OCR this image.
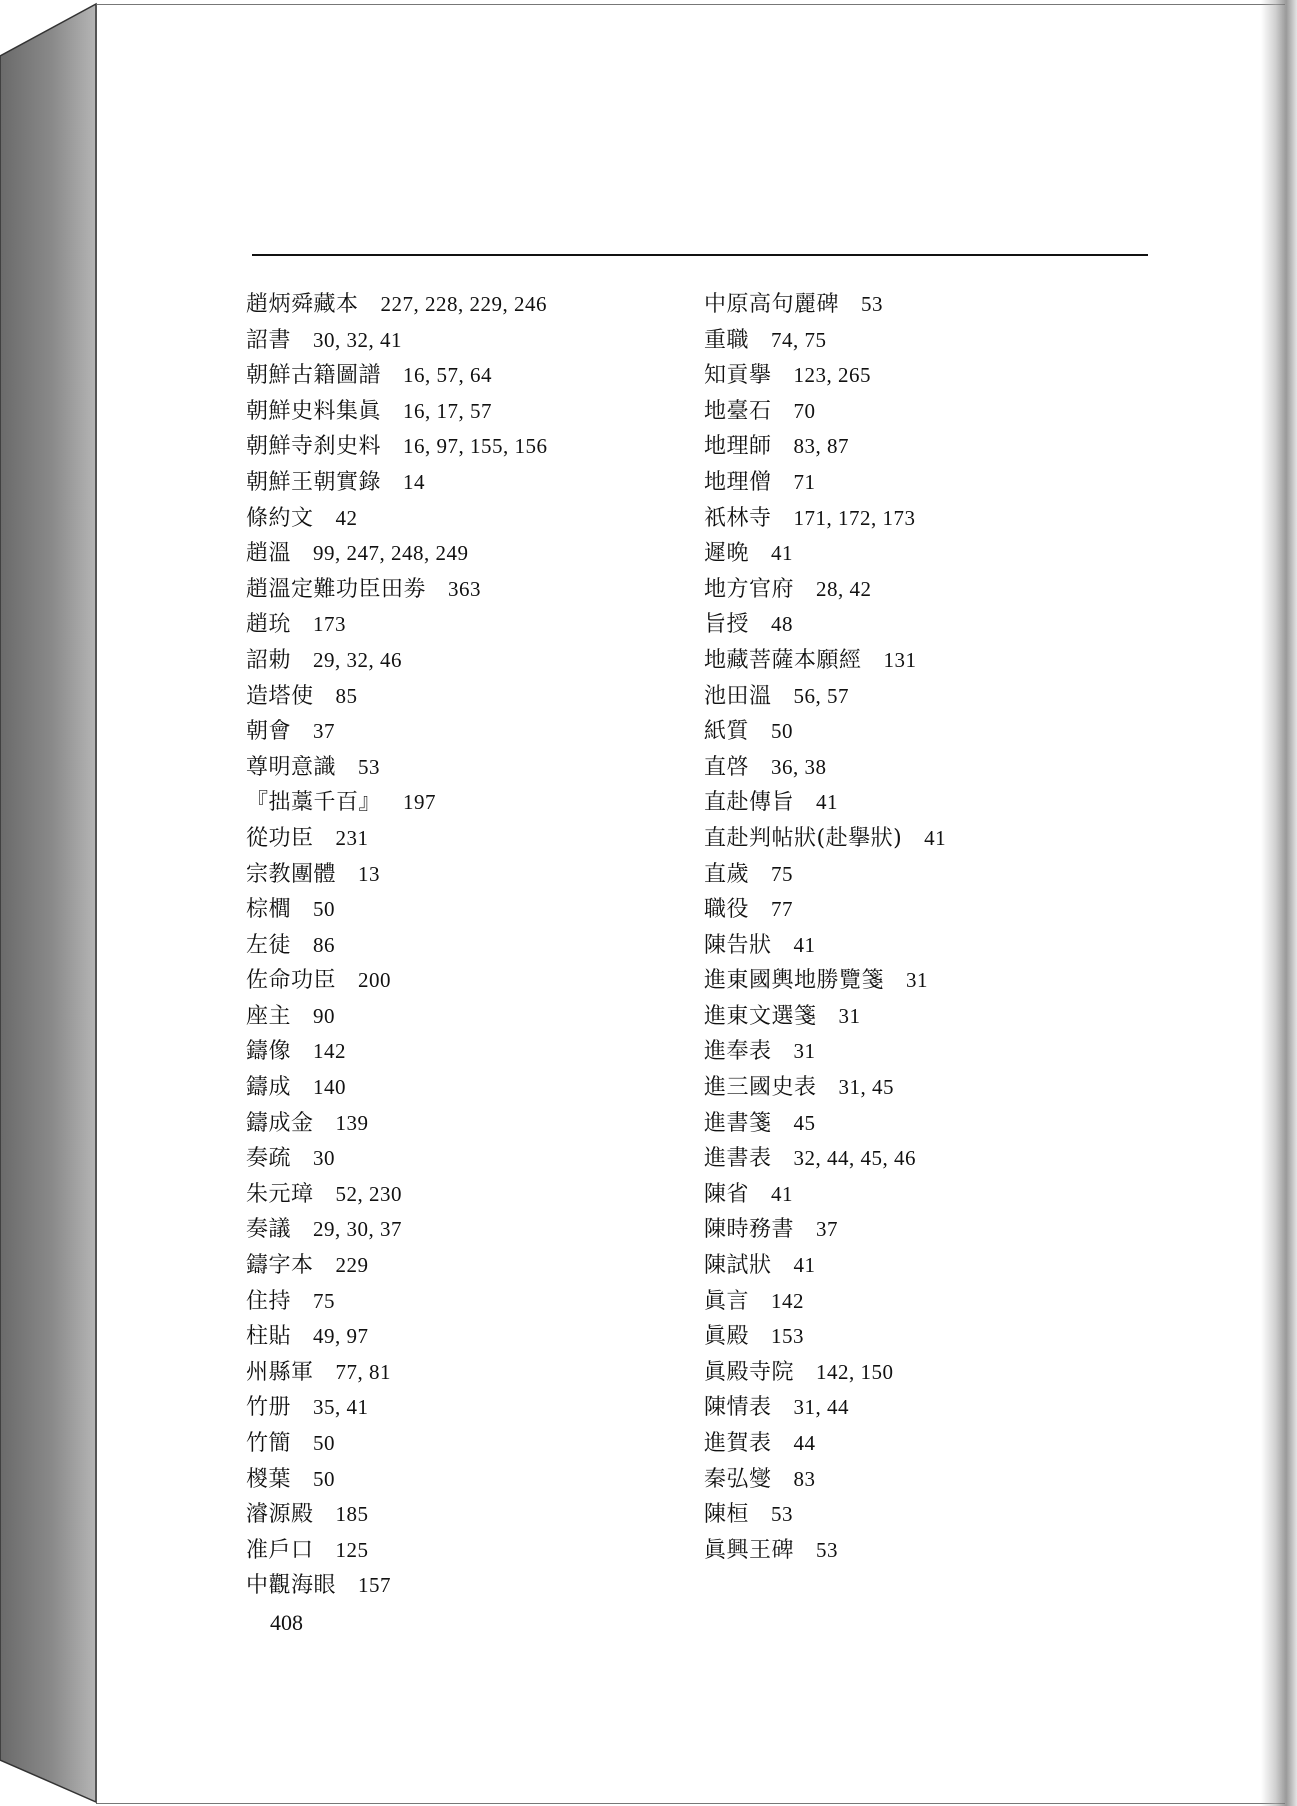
趙炳舜藏本 227, 228, 229, 246
詔書 30, 32, 41
朝鮮古籍圖譜 16, 57, 64
朝鮮史料集眞 16, 17, 57
朝鮮寺刹史料 16, 97, 155, 156
朝鮮王朝實錄 14
條約文 42
趙溫 99, 247, 248, 249
趙溫定難功臣田劵 363
趙玧 173
詔勅 29, 32, 46
造塔使 85
朝會 37
尊明意識 53
『拙藁千百』 197
從功臣 231
宗教團體 13
棕櫚 50
左徒 86
佐命功臣 200
座主 90
鑄像 142
鑄成 140
鑄成金 139
奏疏 30
朱元璋 52, 230
奏議 29, 30, 37
鑄字本 229
住持 75
柱貼 49, 97
州縣軍 77, 81
竹册 35, 41
竹簡 50
椶葉 50
濬源殿 185
准戶口 125
中觀海眼 157
中原高句麗碑 53
重職 74, 75
知貢擧 123, 265
地臺石 70
地理師 83, 87
地理僧 71
祇林寺 171, 172, 173
遲晩 41
地方官府 28, 42
旨授 48
地藏菩薩本願經 131
池田溫 56, 57
紙質 50
直啓 36, 38
直赴傳旨 41
直赴判帖狀(赴擧狀) 41
直歲 75
職役 77
陳告狀 41
進東國輿地勝覽箋 31
進東文選箋 31
進奉表 31
進三國史表 31, 45
進書箋 45
進書表 32, 44, 45, 46
陳省 41
陳時務書 37
陳試狀 41
眞言 142
眞殿 153
眞殿寺院 142, 150
陳情表 31, 44
進賀表 44
秦弘燮 83
陳桓 53
眞興王碑 53
408
